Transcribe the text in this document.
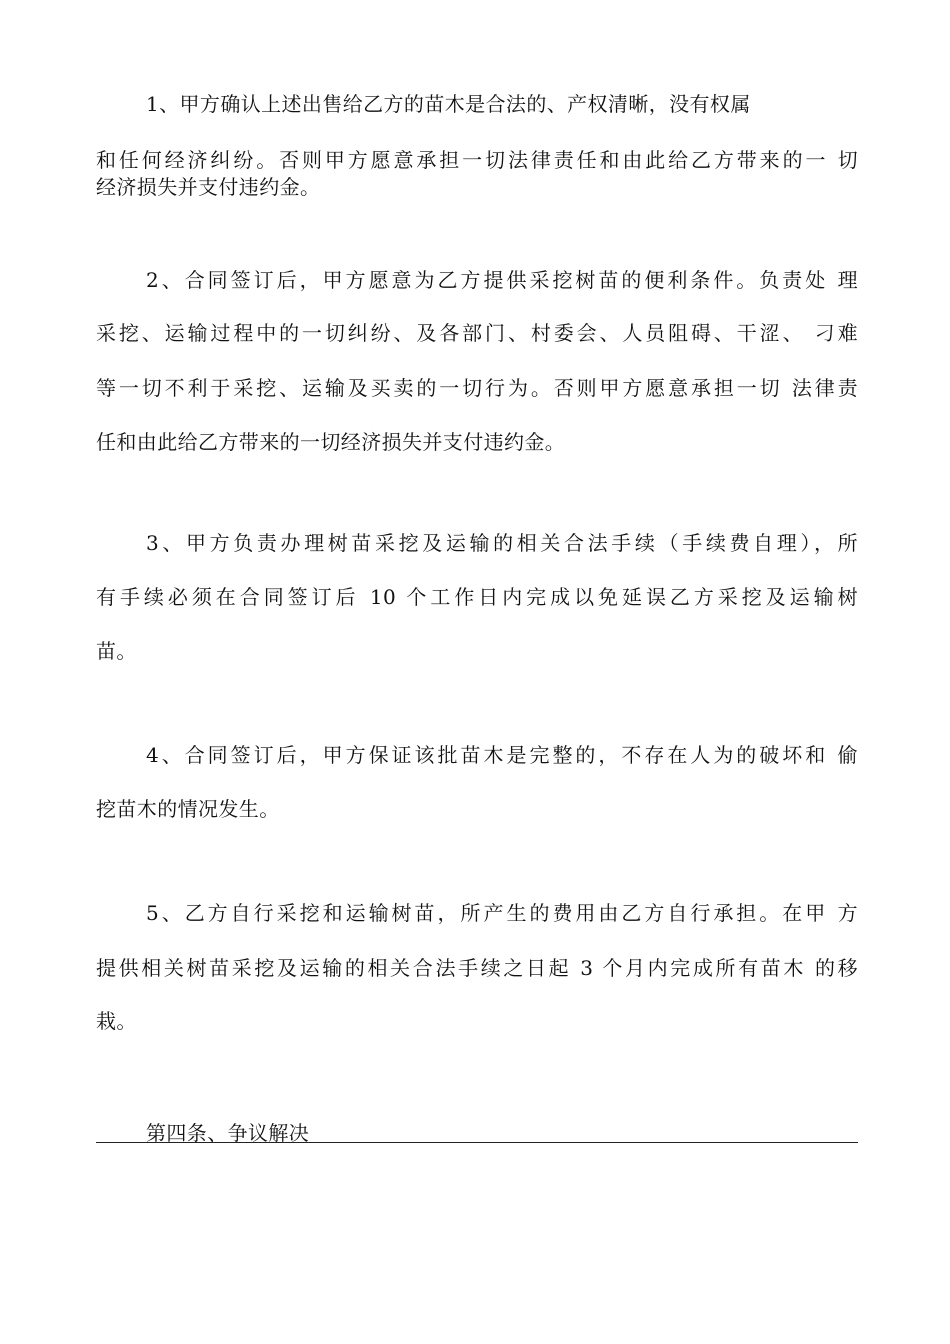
1、甲方确认上述出售给乙方的苗木是合法的、产权清晰，没有权属
和任何经济纠纷。否则甲方愿意承担一切法律责任和由此给乙方带来的一 切
经济损失并支付违约金。
2、合同签订后，甲方愿意为乙方提供采挖树苗的便利条件。负责处 理
采挖、运输过程中的一切纠纷、及各部门、村委会、人员阻碍、干涩、 刁难
等一切不利于采挖、运输及买卖的一切行为。否则甲方愿意承担一切 法律责
任和由此给乙方带来的一切经济损失并支付违约金。
3、甲方负责办理树苗采挖及运输的相关合法手续（手续费自理），所
有手续必须在合同签订后 10 个工作日内完成以免延误乙方采挖及运输树
苗。
4、合同签订后，甲方保证该批苗木是完整的，不存在人为的破坏和 偷
挖苗木的情况发生。
5、乙方自行采挖和运输树苗，所产生的费用由乙方自行承担。在甲 方
提供相关树苗采挖及运输的相关合法手续之日起 3 个月内完成所有苗木 的移
栽。
第四条、争议解决
